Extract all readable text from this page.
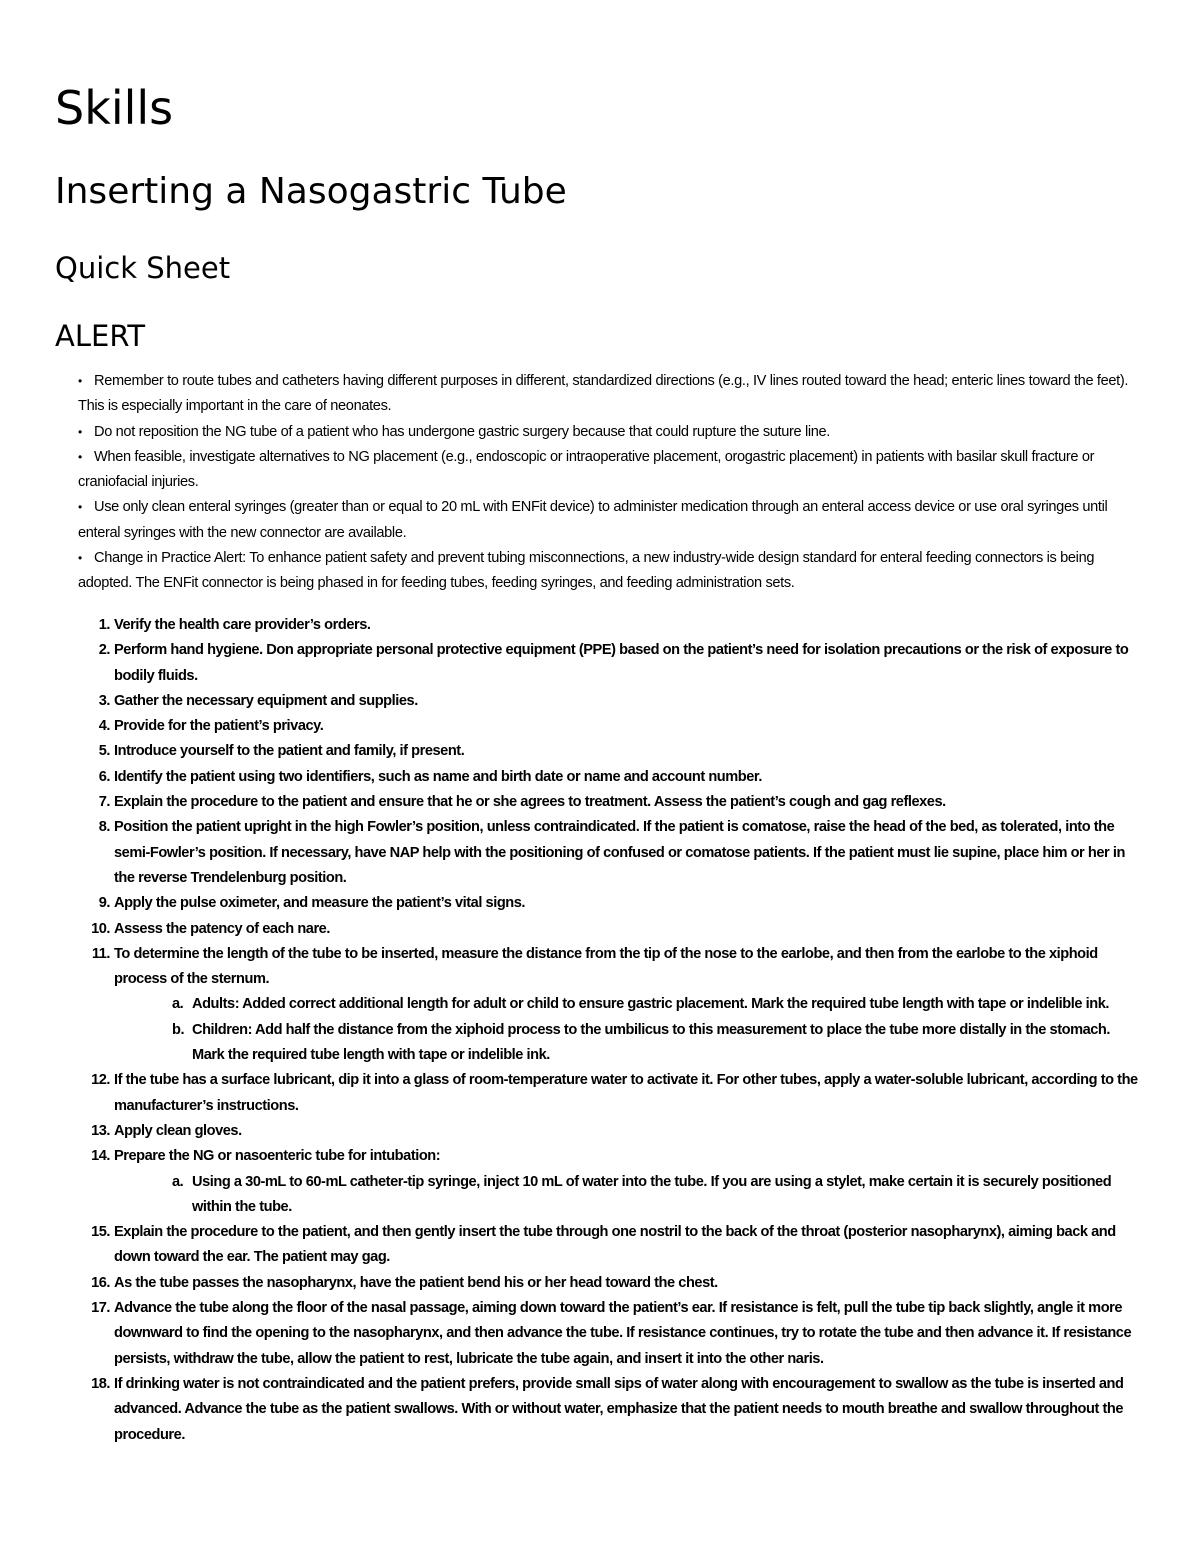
Skills
Inserting a Nasogastric Tube
Quick Sheet
ALERT
• Remember to route tubes and catheters having different purposes in different, standardized directions (e.g., IV lines routed toward the head; enteric lines toward the feet). This is especially important in the care of neonates.
• Do not reposition the NG tube of a patient who has undergone gastric surgery because that could rupture the suture line.
• When feasible, investigate alternatives to NG placement (e.g., endoscopic or intraoperative placement, orogastric placement) in patients with basilar skull fracture or craniofacial injuries.
• Use only clean enteral syringes (greater than or equal to 20 mL with ENFit device) to administer medication through an enteral access device or use oral syringes until enteral syringes with the new connector are available.
• Change in Practice Alert: To enhance patient safety and prevent tubing misconnections, a new industry-wide design standard for enteral feeding connectors is being adopted. The ENFit connector is being phased in for feeding tubes, feeding syringes, and feeding administration sets.
1. Verify the health care provider’s orders.
2. Perform hand hygiene. Don appropriate personal protective equipment (PPE) based on the patient’s need for isolation precautions or the risk of exposure to bodily fluids.
3. Gather the necessary equipment and supplies.
4. Provide for the patient’s privacy.
5. Introduce yourself to the patient and family, if present.
6. Identify the patient using two identifiers, such as name and birth date or name and account number.
7. Explain the procedure to the patient and ensure that he or she agrees to treatment. Assess the patient’s cough and gag reflexes.
8. Position the patient upright in the high Fowler’s position, unless contraindicated. If the patient is comatose, raise the head of the bed, as tolerated, into the semi-Fowler’s position. If necessary, have NAP help with the positioning of confused or comatose patients. If the patient must lie supine, place him or her in the reverse Trendelenburg position.
9. Apply the pulse oximeter, and measure the patient’s vital signs.
10. Assess the patency of each nare.
11. To determine the length of the tube to be inserted, measure the distance from the tip of the nose to the earlobe, and then from the earlobe to the xiphoid process of the sternum.
a. Adults: Added correct additional length for adult or child to ensure gastric placement. Mark the required tube length with tape or indelible ink.
b. Children: Add half the distance from the xiphoid process to the umbilicus to this measurement to place the tube more distally in the stomach. Mark the required tube length with tape or indelible ink.
12. If the tube has a surface lubricant, dip it into a glass of room-temperature water to activate it. For other tubes, apply a water-soluble lubricant, according to the manufacturer’s instructions.
13. Apply clean gloves.
14. Prepare the NG or nasoenteric tube for intubation:
a. Using a 30-mL to 60-mL catheter-tip syringe, inject 10 mL of water into the tube. If you are using a stylet, make certain it is securely positioned within the tube.
15. Explain the procedure to the patient, and then gently insert the tube through one nostril to the back of the throat (posterior nasopharynx), aiming back and down toward the ear. The patient may gag.
16. As the tube passes the nasopharynx, have the patient bend his or her head toward the chest.
17. Advance the tube along the floor of the nasal passage, aiming down toward the patient’s ear. If resistance is felt, pull the tube tip back slightly, angle it more downward to find the opening to the nasopharynx, and then advance the tube. If resistance continues, try to rotate the tube and then advance it. If resistance persists, withdraw the tube, allow the patient to rest, lubricate the tube again, and insert it into the other naris.
18. If drinking water is not contraindicated and the patient prefers, provide small sips of water along with encouragement to swallow as the tube is inserted and advanced. Advance the tube as the patient swallows. With or without water, emphasize that the patient needs to mouth breathe and swallow throughout the procedure.
